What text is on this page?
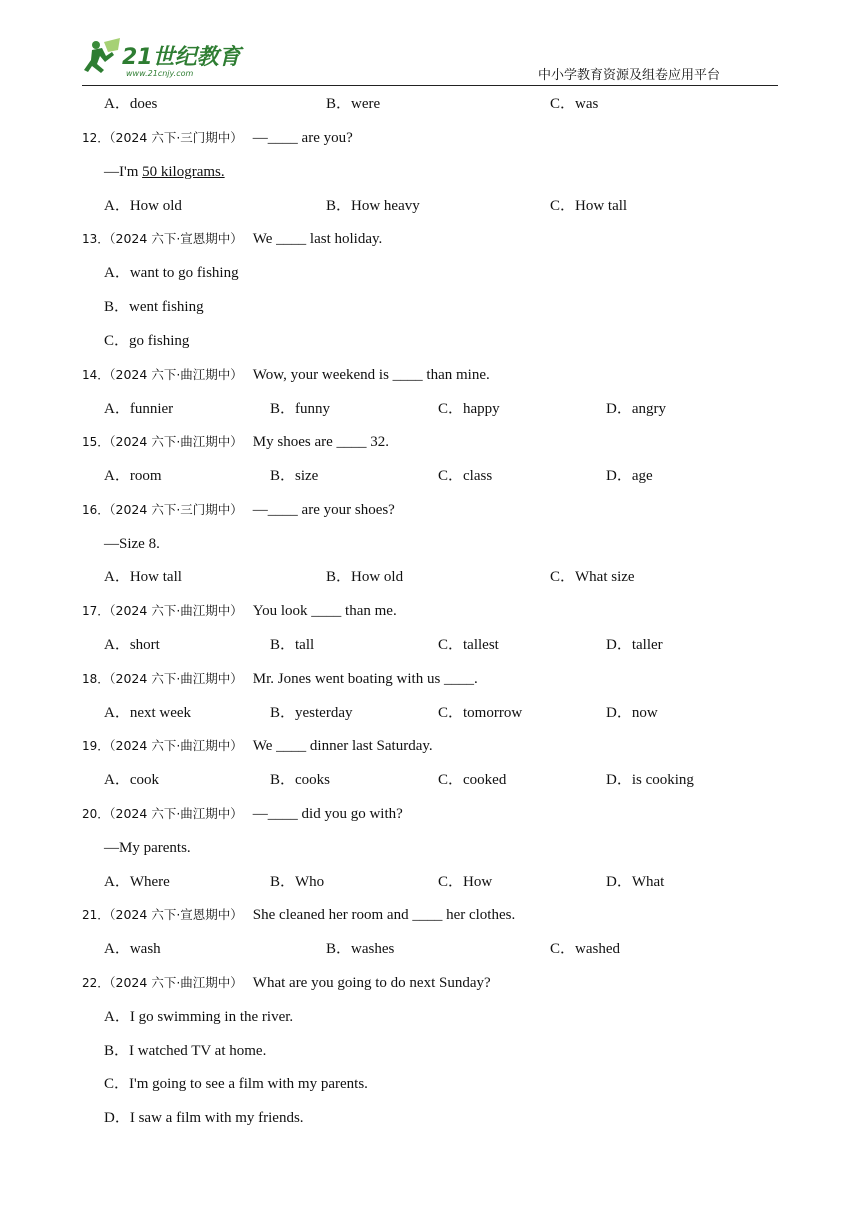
21世纪教育
www.21cnjy.com	中小学教育资源及组卷应用平台
A．does	B．were	C．was
12．（2024 六下·三门期中） —____ are you?
—I'm 50 kilograms.
A．How old	B．How heavy	C．How tall
13．（2024 六下·宣恩期中） We ____ last holiday.
A．want to go fishing
B．went fishing
C．go fishing
14．（2024 六下·曲江期中） Wow, your weekend is ____ than mine.
A．funnier	B．funny	C．happy	D．angry
15．（2024 六下·曲江期中） My shoes are ____ 32.
A．room	B．size	C．class	D．age
16．（2024 六下·三门期中） —____ are your shoes?
—Size 8.
A．How tall	B．How old	C．What size
17．（2024 六下·曲江期中） You look ____ than me.
A．short	B．tall	C．tallest	D．taller
18．（2024 六下·曲江期中） Mr. Jones went boating with us ____.
A．next week	B．yesterday	C．tomorrow	D．now
19．（2024 六下·曲江期中） We ____ dinner last Saturday.
A．cook	B．cooks	C．cooked	D．is cooking
20．（2024 六下·曲江期中） —____ did you go with?
—My parents.
A．Where	B．Who	C．How	D．What
21．（2024 六下·宣恩期中） She cleaned her room and ____ her clothes.
A．wash	B．washes	C．washed
22．（2024 六下·曲江期中） What are you going to do next Sunday?
A．I go swimming in the river.
B．I watched TV at home.
C．I'm going to see a film with my parents.
D．I saw a film with my friends.
